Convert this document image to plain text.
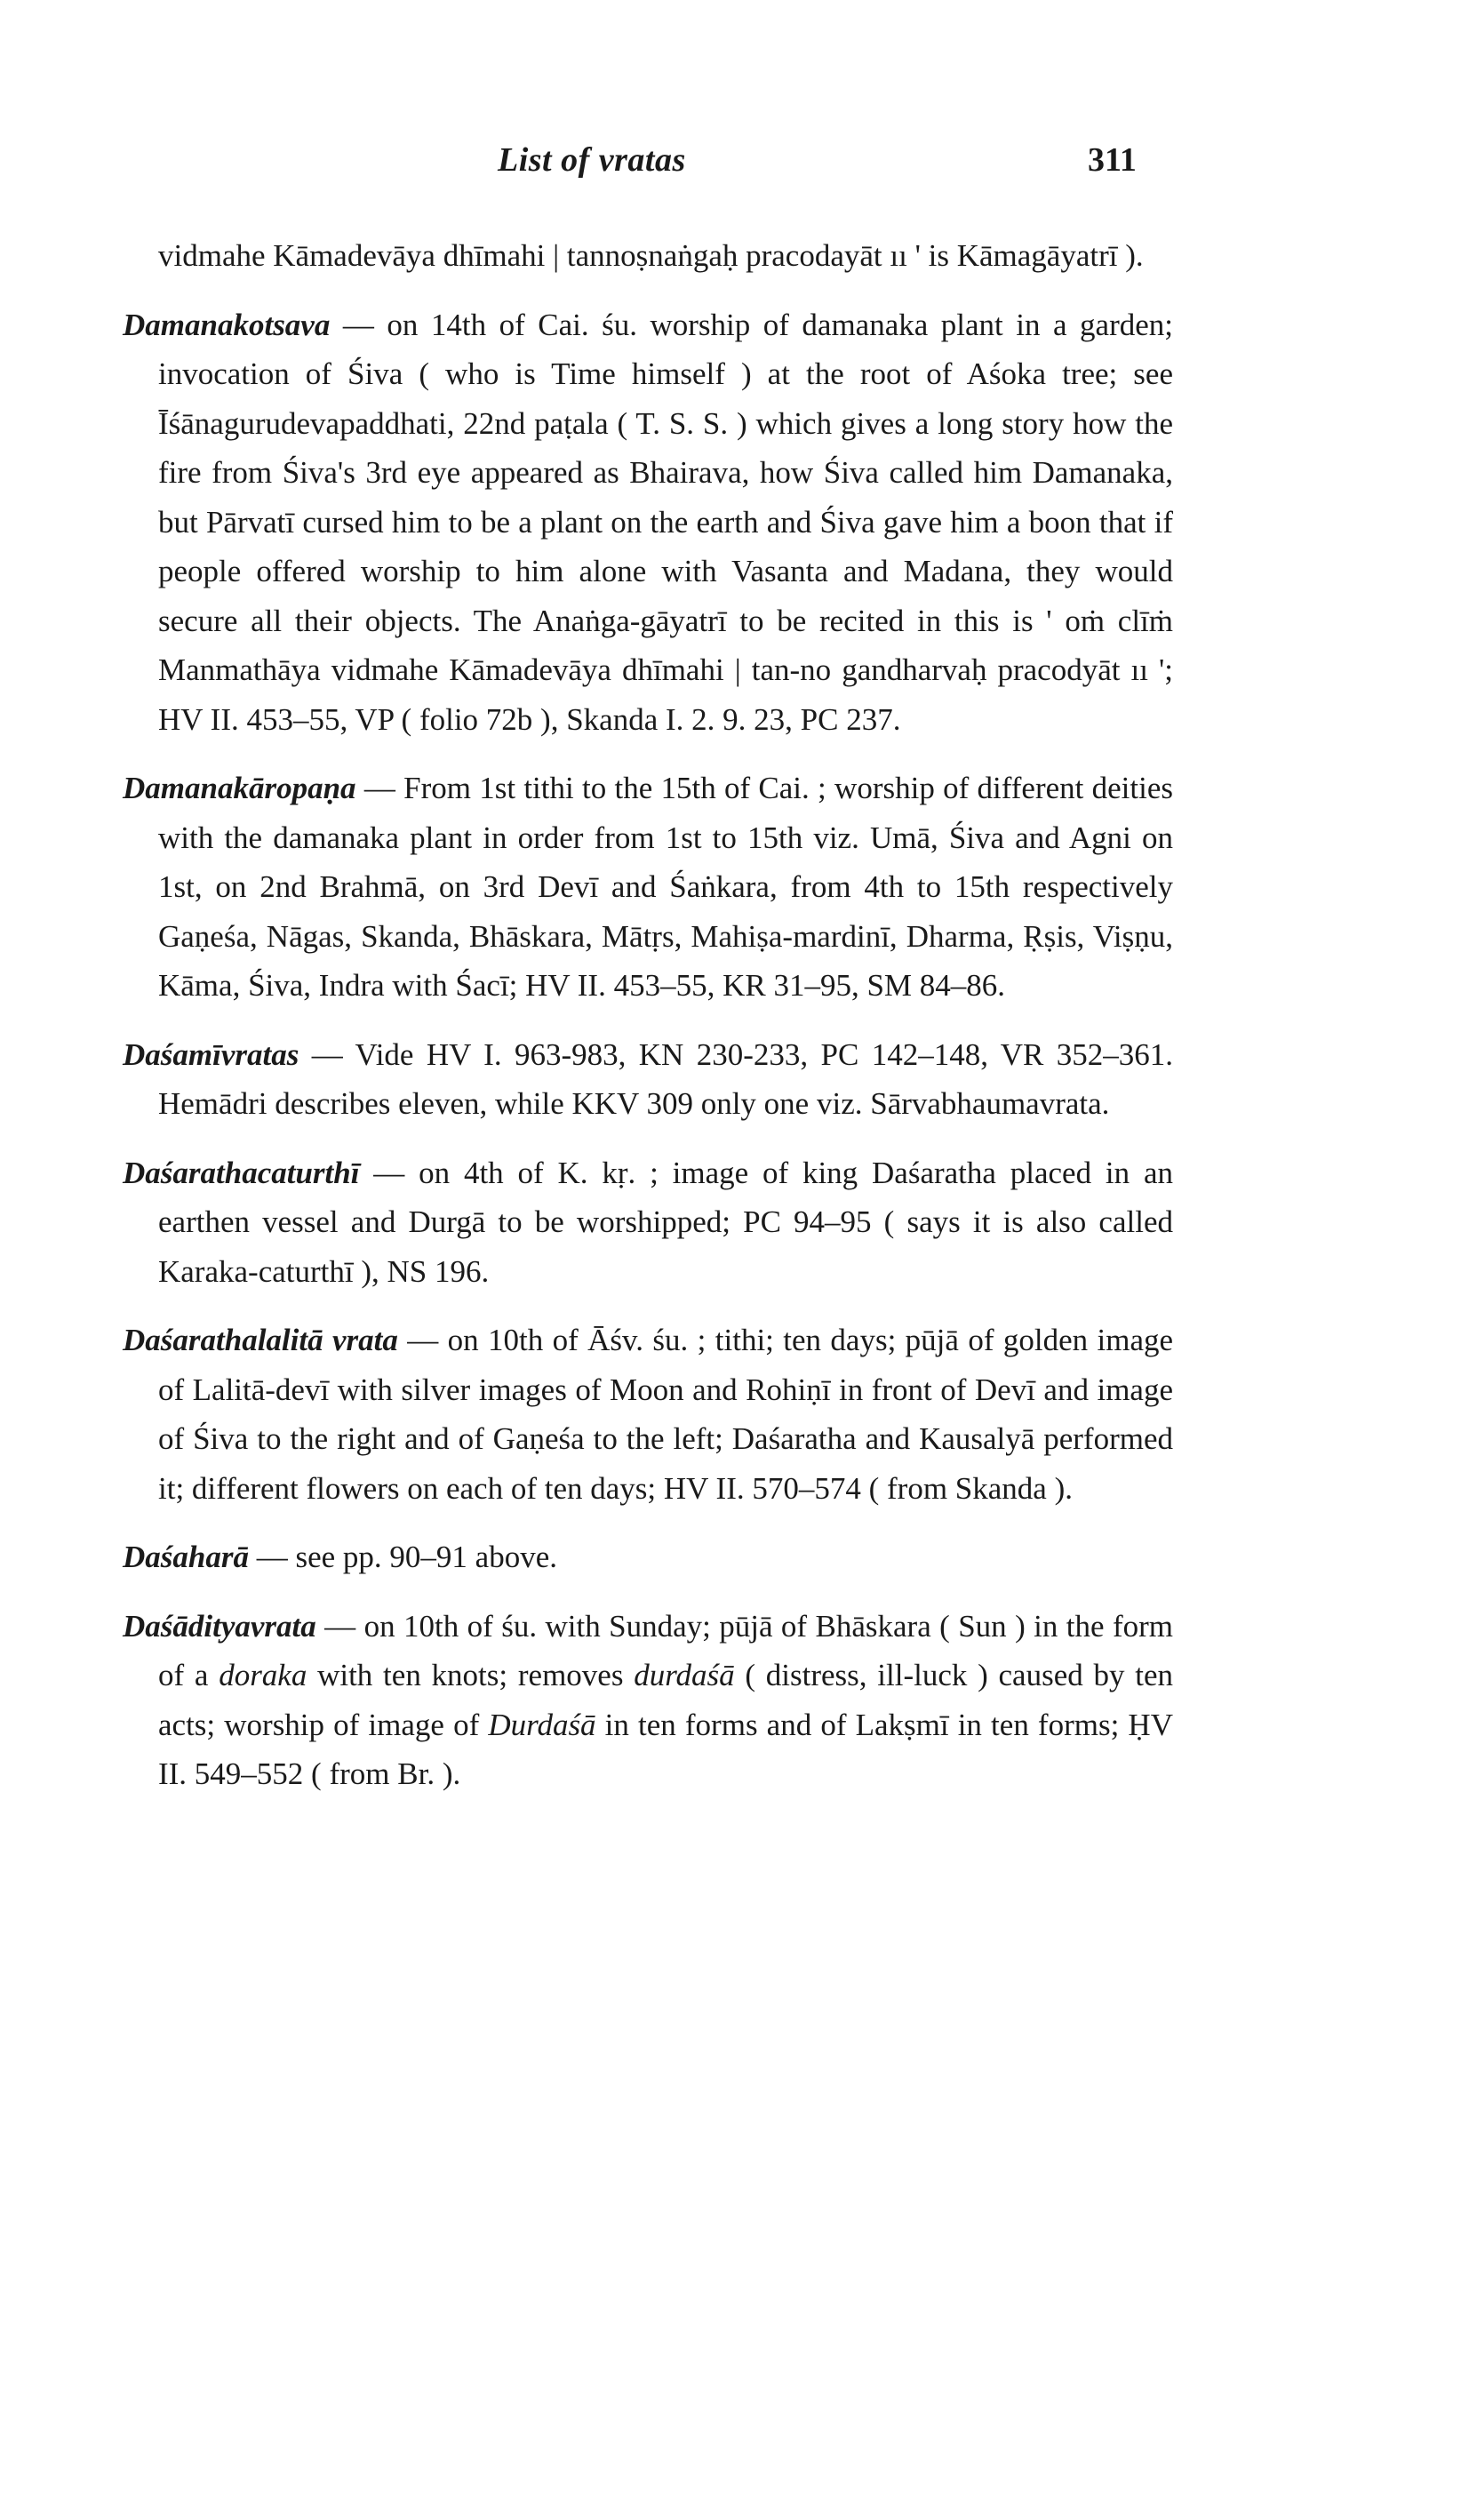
List of vratas	311

vidmahe Kāmadevāya dhīmahi | tannoṣnaṅgaḥ pracodayāt ıı ' is Kāmagāyatrī ).

Damanakotsava — on 14th of Cai. śu. worship of damanaka plant in a garden; invocation of Śiva ( who is Time himself ) at the root of Aśoka tree; see Īśānagurudevapaddhati, 22nd paṭala ( T. S. S. ) which gives a long story how the fire from Śiva's 3rd eye appeared as Bhairava, how Śiva called him Damanaka, but Pārvatī cursed him to be a plant on the earth and Śiva gave him a boon that if people offered worship to him alone with Vasanta and Madana, they would secure all their objects. The Anaṅga-gāyatrī to be recited in this is ' oṁ clīṁ Manmathāya vidmahe Kāmadevāya dhīmahi | tan-no gandharvaḥ pracodyāt ıı '; HV II. 453–55, VP ( folio 72b ), Skanda I. 2. 9. 23, PC 237.

Damanakāropaṇa — From 1st tithi to the 15th of Cai. ; worship of different deities with the damanaka plant in order from 1st to 15th viz. Umā, Śiva and Agni on 1st, on 2nd Brahmā, on 3rd Devī and Śaṅkara, from 4th to 15th respectively Gaṇeśa, Nāgas, Skanda, Bhāskara, Mātṛs, Mahiṣa-mardinī, Dharma, Ṛṣis, Viṣṇu, Kāma, Śiva, Indra with Śacī; HV II. 453–55, KR 31–95, SM 84–86.

Daśamīvratas — Vide HV I. 963-983, KN 230-233, PC 142–148, VR 352–361. Hemādri describes eleven, while KKV 309 only one viz. Sārvabhaumavrata.

Daśarathacaturthī — on 4th of K. kṛ. ; image of king Daśaratha placed in an earthen vessel and Durgā to be worshipped; PC 94–95 ( says it is also called Karaka-caturthī ), NS 196.

Daśarathalalitā vrata — on 10th of Āśv. śu. ; tithi; ten days; pūjā of golden image of Lalitā-devī with silver images of Moon and Rohiṇī in front of Devī and image of Śiva to the right and of Gaṇeśa to the left; Daśaratha and Kausalyā performed it; different flowers on each of ten days; HV II. 570–574 ( from Skanda ).

Daśaharā — see pp. 90–91 above.

Daśādityavrata — on 10th of śu. with Sunday; pūjā of Bhāskara ( Sun ) in the form of a doraka with ten knots; removes durdaśā ( distress, ill-luck ) caused by ten acts; worship of image of Durdaśā in ten forms and of Lakṣmī in ten forms; ḤV II. 549–552 ( from Br. ).
